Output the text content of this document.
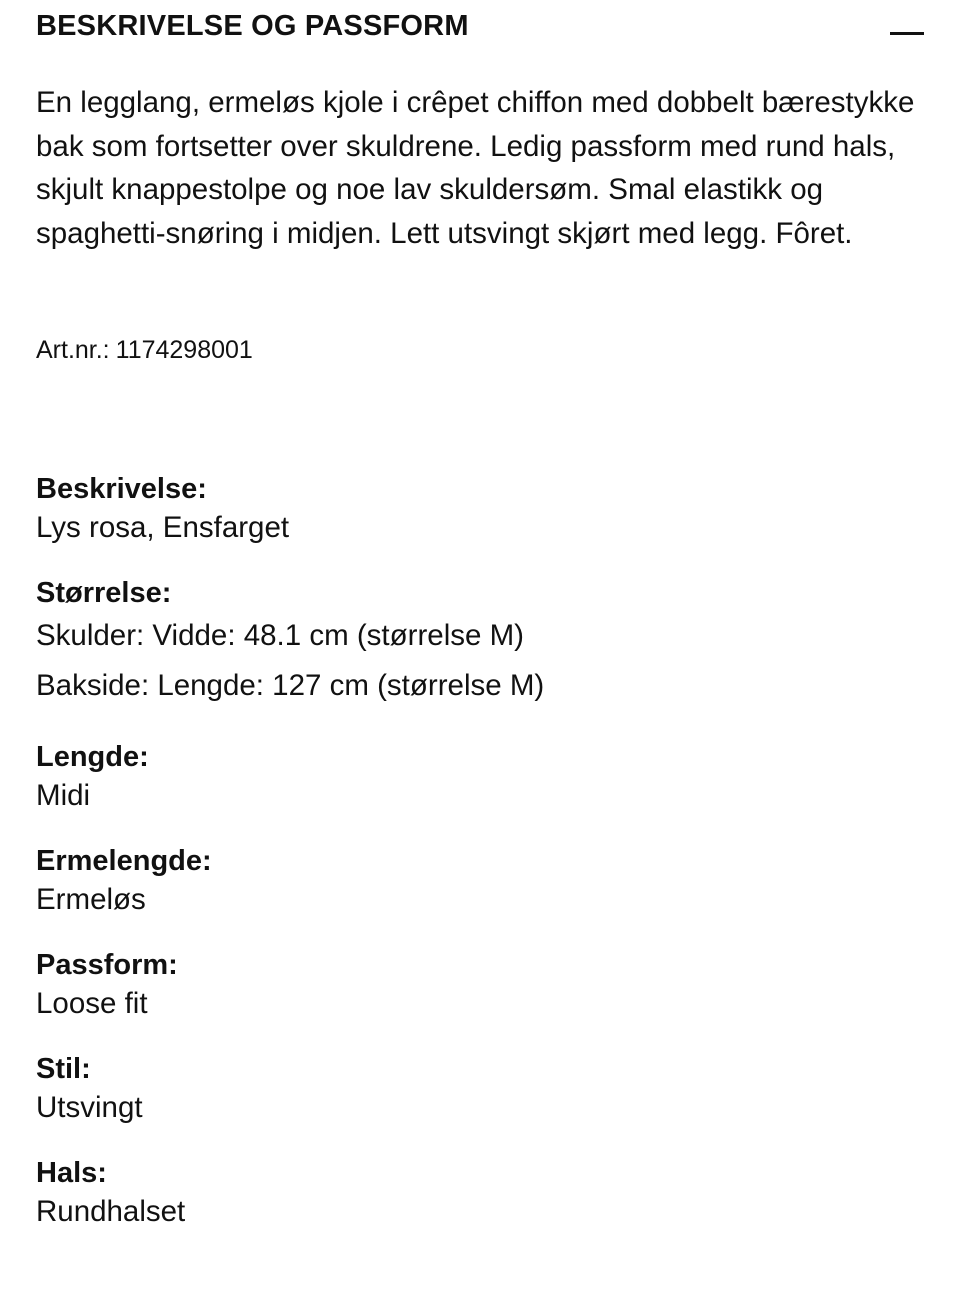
BESKRIVELSE OG PASSFORM

En legglang, ermeløs kjole i crêpet chiffon med dobbelt bærestykke bak som fortsetter over skuldrene. Ledig passform med rund hals, skjult knappestolpe og noe lav skuldersøm. Smal elastikk og spaghetti-snøring i midjen. Lett utsvingt skjørt med legg. Fôret.

Art.nr.: 1174298001
Beskrivelse:
Lys rosa, Ensfarget
Størrelse:
Skulder: Vidde: 48.1 cm (størrelse M)
Bakside: Lengde: 127 cm (størrelse M)
Lengde:
Midi
Ermelengde:
Ermeløs
Passform:
Loose fit
Stil:
Utsvingt
Hals:
Rundhalset
